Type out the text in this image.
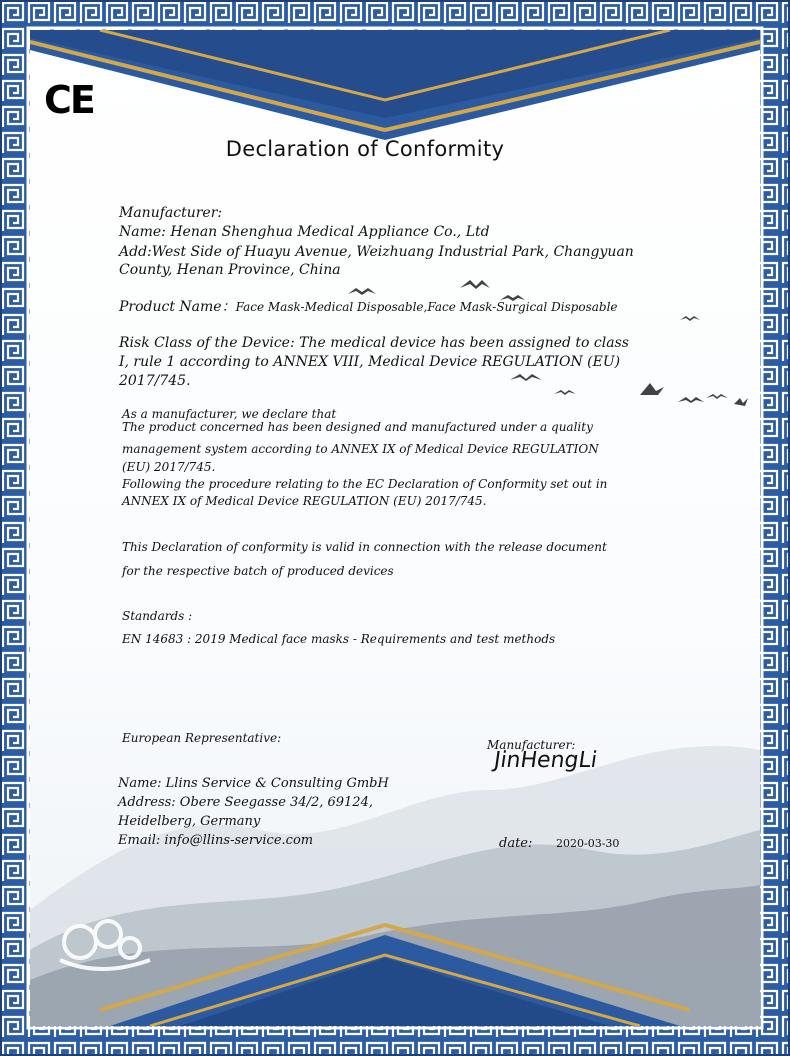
CE
Declaration of Conformity
Manufacturer:
Name: Henan Shenghua Medical Appliance Co., Ltd
Add:West Side of Huayu Avenue, Weizhuang Industrial Park, Changyuan
County, Henan Province, China
Product Name：Face Mask-Medical Disposable,Face Mask-Surgical Disposable
Risk Class of the Device: The medical device has been assigned to class
Ⅰ, rule 1 according to ANNEX VIII, Medical Device REGULATION (EU)
2017/745.
As a manufacturer, we declare that
The product concerned has been designed and manufactured under a quality
management system according to ANNEX IX of Medical Device REGULATION
(EU) 2017/745.
Following the procedure relating to the EC Declaration of Conformity set out in
ANNEX IX of Medical Device REGULATION (EU) 2017/745.
This Declaration of conformity is valid in connection with the release document
for the respective batch of produced devices
Standards :
EN 14683 : 2019 Medical face masks - Requirements and test methods
European Representative:
Name: Llins Service & Consulting GmbH
Address: Obere Seegasse 34/2, 69124,
Heidelberg, Germany
Email: info@llins-service.com
Manufacturer:
JinHengLi
date: 2020-03-30
